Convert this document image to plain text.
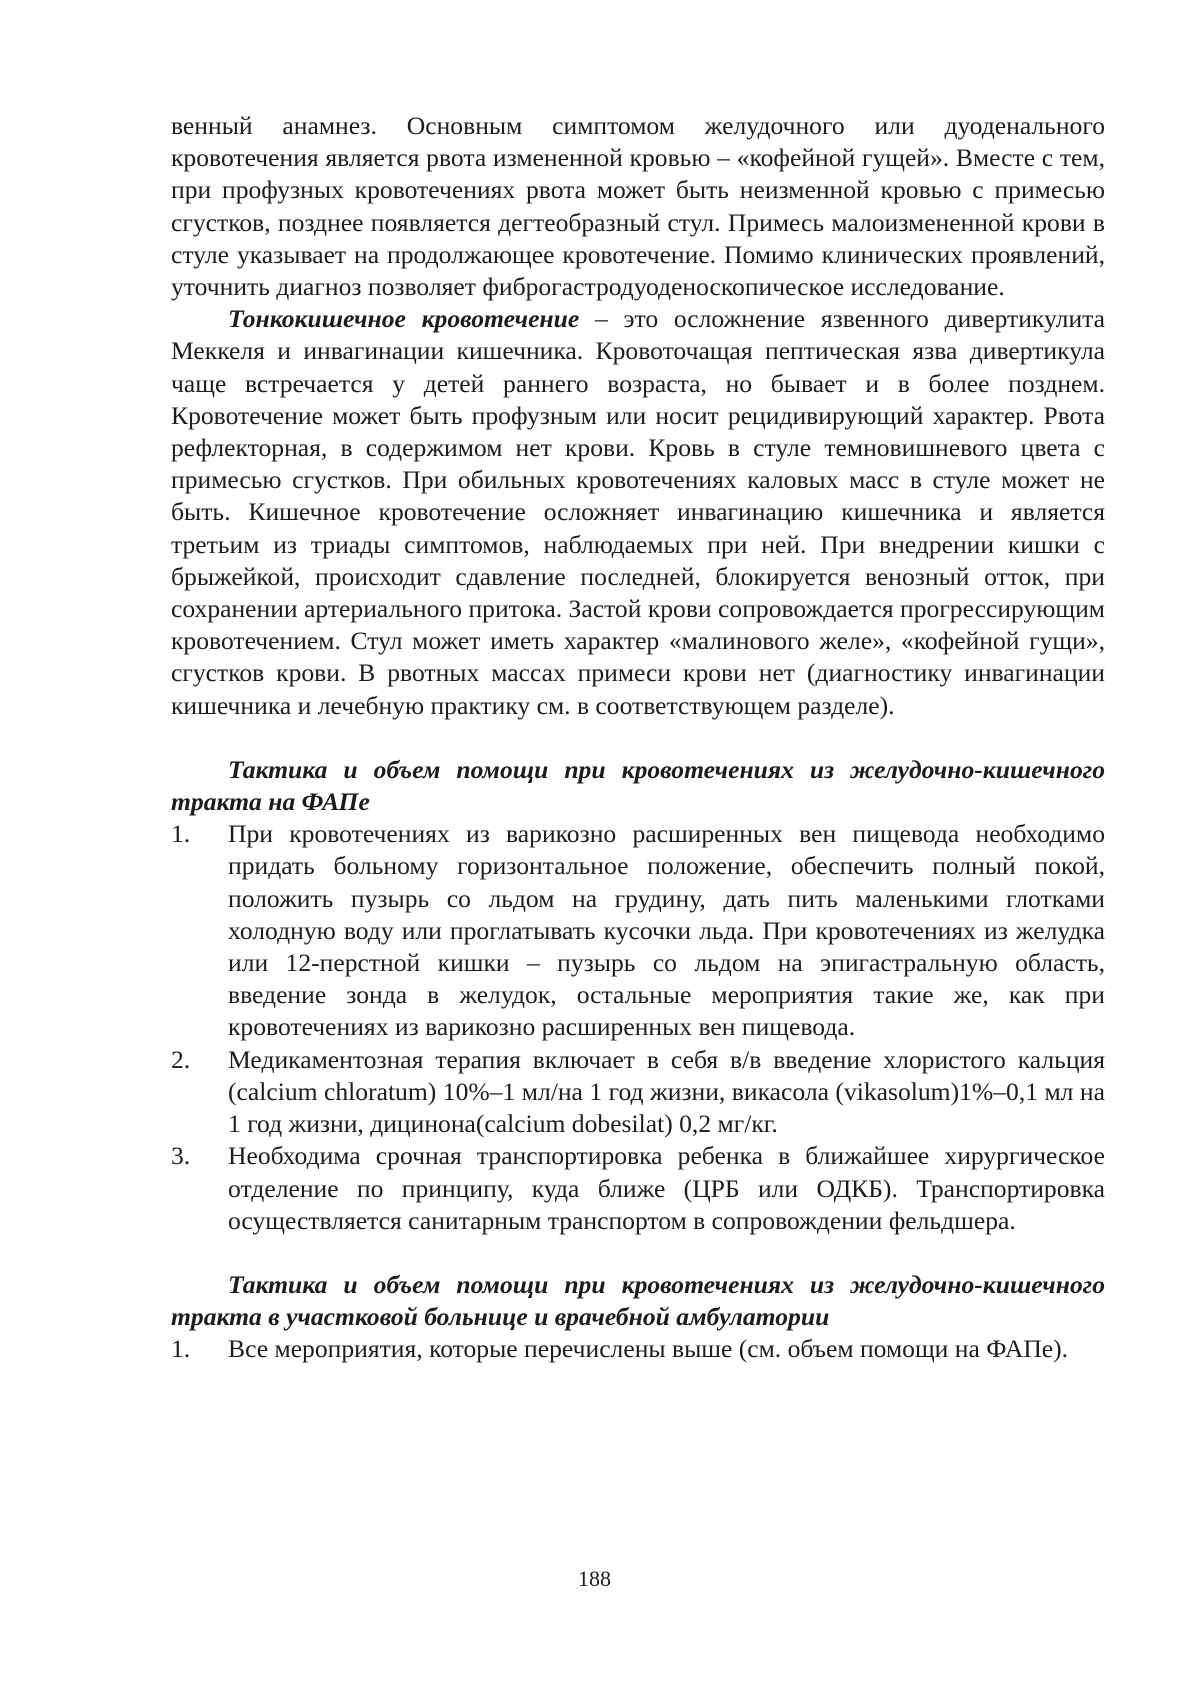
венный анамнез. Основным симптомом желудочного или дуоденального кровотечения является рвота измененной кровью – «кофейной гущей». Вместе с тем, при профузных кровотечениях рвота может быть неизменной кровью с примесью сгустков, позднее появляется дегтеобразный стул. Примесь малоизмененной крови в стуле указывает на продолжающее кровотечение. Помимо клинических проявлений, уточнить диагноз позволяет фиброгастродуоденоскопическое исследование.

Тонкокишечное кровотечение – это осложнение язвенного дивертикулита Меккеля и инвагинации кишечника. Кровоточащая пептическая язва дивертикула чаще встречается у детей раннего возраста, но бывает и в более позднем. Кровотечение может быть профузным или носит рецидивирующий характер. Рвота рефлекторная, в содержимом нет крови. Кровь в стуле темновишневого цвета с примесью сгустков. При обильных кровотечениях каловых масс в стуле может не быть. Кишечное кровотечение осложняет инвагинацию кишечника и является третьим из триады симптомов, наблюдаемых при ней. При внедрении кишки с брыжейкой, происходит сдавление последней, блокируется венозный отток, при сохранении артериального притока. Застой крови сопровождается прогрессирующим кровотечением. Стул может иметь характер «малинового желе», «кофейной гущи», сгустков крови. В рвотных массах примеси крови нет (диагностику инвагинации кишечника и лечебную практику см. в соответствующем разделе).

Тактика и объем помощи при кровотечениях из желудочно-кишечного тракта на ФАПе

1. При кровотечениях из варикозно расширенных вен пищевода необходимо придать больному горизонтальное положение, обеспечить полный покой, положить пузырь со льдом на грудину, дать пить маленькими глотками холодную воду или проглатывать кусочки льда. При кровотечениях из желудка или 12-перстной кишки – пузырь со льдом на эпигастральную область, введение зонда в желудок, остальные мероприятия такие же, как при кровотечениях из варикозно расширенных вен пищевода.
2. Медикаментозная терапия включает в себя в/в введение хлористого кальция (calcium chloratum) 10%–1 мл/на 1 год жизни, викасола (vikasolum)1%–0,1 мл на 1 год жизни, дицинона(calcium dobesilat) 0,2 мг/кг.
3. Необходима срочная транспортировка ребенка в ближайшее хирургическое отделение по принципу, куда ближе (ЦРБ или ОДКБ). Транспортировка осуществляется санитарным транспортом в сопровождении фельдшера.

Тактика и объем помощи при кровотечениях из желудочно-кишечного тракта в участковой больнице и врачебной амбулатории

1. Все мероприятия, которые перечислены выше (см. объем помощи на ФАПе).
188
